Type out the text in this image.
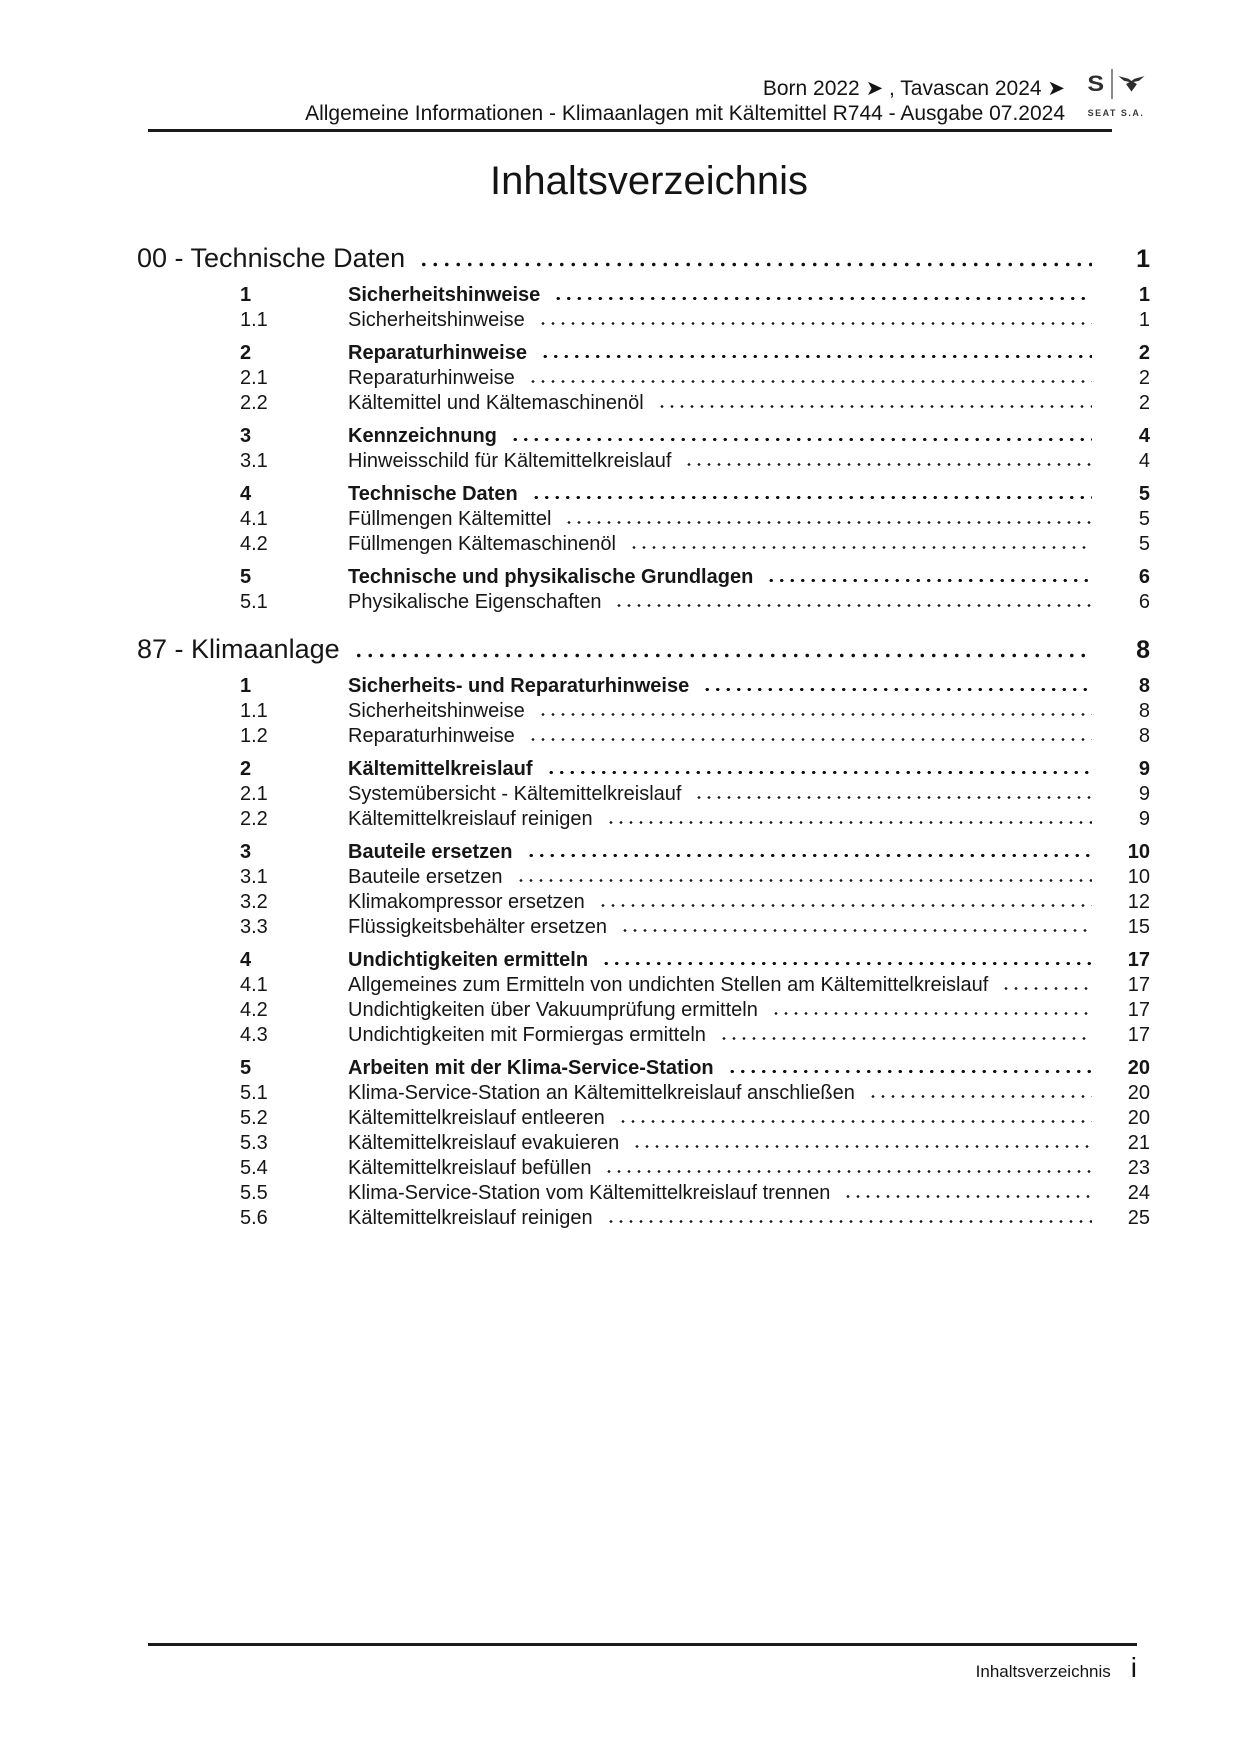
Born 2022 ➤ , Tavascan 2024 ➤
Allgemeine Informationen - Klimaanlagen mit Kältemittel R744 - Ausgabe 07.2024
S
SEAT S.A.
Inhaltsverzeichnis
00 - Technische Daten	1
1	Sicherheitshinweise	1
1.1	Sicherheitshinweise	1
2	Reparaturhinweise	2
2.1	Reparaturhinweise	2
2.2	Kältemittel und Kältemaschinenöl	2
3	Kennzeichnung	4
3.1	Hinweisschild für Kältemittelkreislauf	4
4	Technische Daten	5
4.1	Füllmengen Kältemittel	5
4.2	Füllmengen Kältemaschinenöl	5
5	Technische und physikalische Grundlagen	6
5.1	Physikalische Eigenschaften	6
87 - Klimaanlage	8
1	Sicherheits- und Reparaturhinweise	8
1.1	Sicherheitshinweise	8
1.2	Reparaturhinweise	8
2	Kältemittelkreislauf	9
2.1	Systemübersicht - Kältemittelkreislauf	9
2.2	Kältemittelkreislauf reinigen	9
3	Bauteile ersetzen	10
3.1	Bauteile ersetzen	10
3.2	Klimakompressor ersetzen	12
3.3	Flüssigkeitsbehälter ersetzen	15
4	Undichtigkeiten ermitteln	17
4.1	Allgemeines zum Ermitteln von undichten Stellen am Kältemittelkreislauf	17
4.2	Undichtigkeiten über Vakuumprüfung ermitteln	17
4.3	Undichtigkeiten mit Formiergas ermitteln	17
5	Arbeiten mit der Klima-Service-Station	20
5.1	Klima-Service-Station an Kältemittelkreislauf anschließen	20
5.2	Kältemittelkreislauf entleeren	20
5.3	Kältemittelkreislauf evakuieren	21
5.4	Kältemittelkreislauf befüllen	23
5.5	Klima-Service-Station vom Kältemittelkreislauf trennen	24
5.6	Kältemittelkreislauf reinigen	25
Inhaltsverzeichnis i
